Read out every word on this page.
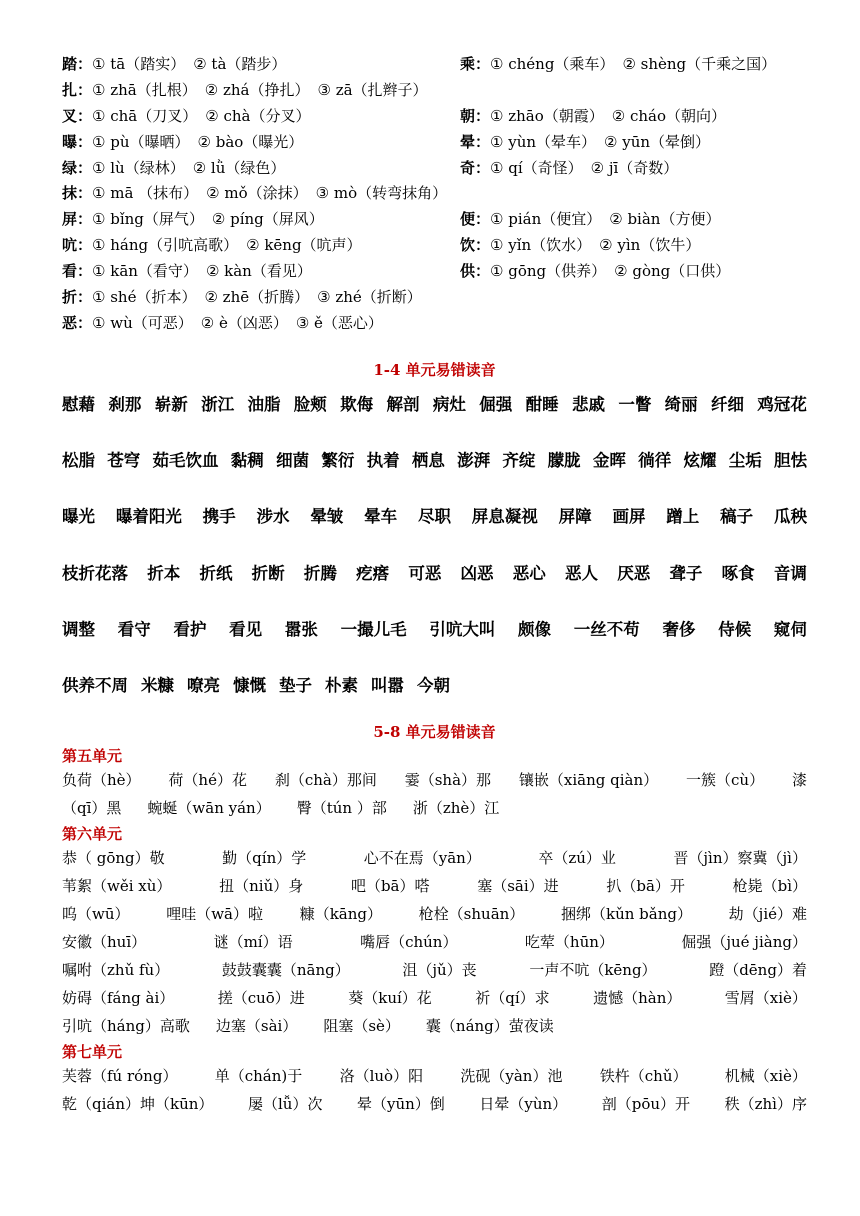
踏：① tā（踏实） ② tà（踏步）	乘：① chéng（乘车） ② shèng（千乘之国）
扎：① zhā（扎根） ② zhá（挣扎） ③ zā（扎辫子）
叉：① chā（刀叉） ② chà（分叉）	朝：① zhāo（朝霞） ② cháo（朝向）
曝：① pù（曝晒） ② bào（曝光）	晕：① yùn（晕车） ② yūn（晕倒）
绿：① lù（绿林） ② lǜ（绿色）	奇：① qí（奇怪） ② jī（奇数）
抹：① mā （抹布） ② mǒ（涂抹） ③ mò（转弯抹角）
屏：① bǐng（屏气） ② píng（屏风）	便：① pián（便宜） ② biàn（方便）
吭：① háng（引吭高歌） ② kēng（吭声）	饮：① yǐn（饮水） ② yìn（饮牛）
看：① kān（看守） ② kàn（看见）	供：① gōng（供养） ② gòng（口供）
折：① shé（折本） ② zhē（折腾） ③ zhé（折断）
恶：① wù（可恶） ② è（凶恶） ③ ě（恶心）
1-4 单元易错读音
慰藉 刹那 崭新 浙江 油脂 脸颊 欺侮 解剖 病灶 倔强 酣睡 悲戚 一瞥 绮丽 纤细 鸡冠花
松脂 苍穹 茹毛饮血 黏稠 细菌 繁衍 执着 栖息 澎湃 齐绽 朦胧 金晖 徜徉 炫耀 尘垢 胆怯
曝光 曝着阳光 携手 涉水 晕皱 晕车 尽职 屏息凝视 屏障 画屏 蹭上 稿子 瓜秧
枝折花落 折本 折纸 折断 折腾 疙瘩 可恶 凶恶 恶心 恶人 厌恶 聋子 啄食 音调
调整 看守 看护 看见 嚣张 一撮儿毛 引吭大叫 颇像 一丝不苟 奢侈 侍候 窥伺
供养不周 米糠 嘹亮 慷慨 垫子 朴素 叫嚣 今朝
5-8 单元易错读音
第五单元
负荷（hè） 荷（hé）花 刹（chà）那间 霎（shà）那 镶嵌（xiāng qiàn） 一簇（cù） 漆
（qī）黑 蜿蜒（wān yán） 臀（tún ）部 浙（zhè）江
第六单元
恭（ gōng）敬	勤（qín）学	心不在焉（yān）	卒（zú）业	晋（jìn）察冀（jì）
苇絮（wěi xù）	扭（niǔ）身	吧（bā）嗒	塞（sāi）进	扒（bā）开	枪毙（bì）
呜（wū） 哩哇（wā）啦 糠（kāng） 枪栓（shuān） 捆绑（kǔn bǎng） 劫（jié）难
安徽（huī）	谜（mí）语	嘴唇（chún）	吃荤（hūn）	倔强（jué jiàng）
嘱咐（zhǔ fù）	鼓鼓囊囊（nāng）	沮（jǔ）丧	一声不吭（kēng）	蹬（dēng）着
妨碍（fáng ài）	搓（cuō）进	葵（kuí）花	祈（qí）求	遗憾（hàn）	雪屑（xiè）
引吭（háng）高歌 边塞（sài） 阻塞（sè） 囊（náng）萤夜读
第七单元
芙蓉（fú róng） 单（chán)于 洛（luò）阳 洗砚（yàn）池 铁杵（chǔ） 机械（xiè）
乾（qián）坤（kūn） 屡（lǚ）次 晕（yūn）倒 日晕（yùn） 剖（pōu）开 秩（zhì）序
